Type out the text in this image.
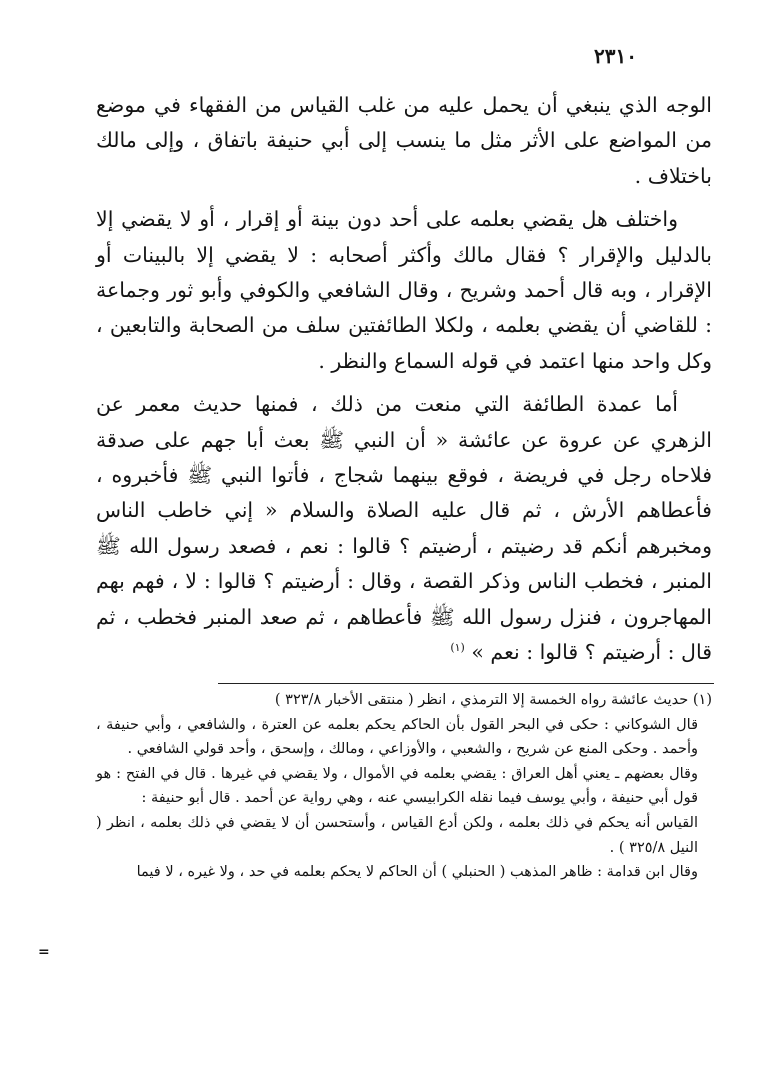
٢٣١٠

الوجه الذي ينبغي أن يحمل عليه من غلب القياس من الفقهاء في موضع من المواضع على الأثر مثل ما ينسب إلى أبي حنيفة باتفاق ، وإلى مالك باختلاف .

واختلف هل يقضي بعلمه على أحد دون بينة أو إقرار ، أو لا يقضي إلا بالدليل والإقرار ؟ فقال مالك وأكثر أصحابه : لا يقضي إلا بالبينات أو الإقرار ، وبه قال أحمد وشريح ، وقال الشافعي والكوفي وأبو ثور وجماعة : للقاضي أن يقضي بعلمه ، ولكلا الطائفتين سلف من الصحابة والتابعين ، وكل واحد منها اعتمد في قوله السماع والنظر .

أما عمدة الطائفة التي منعت من ذلك ، فمنها حديث معمر عن الزهري عن عروة عن عائشة « أن النبي ﷺ بعث أبا جهم على صدقة فلاحاه رجل في فريضة ، فوقع بينهما شجاج ، فأتوا النبي ﷺ فأخبروه ، فأعطاهم الأرش ، ثم قال عليه الصلاة والسلام « إني خاطب الناس ومخبرهم أنكم قد رضيتم ، أرضيتم ؟ قالوا : نعم ، فصعد رسول الله ﷺ المنبر ، فخطب الناس وذكر القصة ، وقال : أرضيتم ؟ قالوا : لا ، فهم بهم المهاجرون ، فنزل رسول الله ﷺ فأعطاهم ، ثم صعد المنبر فخطب ، ثم قال : أرضيتم ؟ قالوا : نعم » $^{(١)}$

(١) حديث عائشة رواه الخمسة إلا الترمذي ، انظر ( منتقى الأخبار ٣٢٣/٨ )

قال الشوكاني : حكى في البحر القول بأن الحاكم يحكم بعلمه عن العترة ، والشافعي ، وأبي حنيفة ، وأحمد . وحكى المنع عن شريح ، والشعبي ، والأوزاعي ، ومالك ، وإسحق ، وأحد قولي الشافعي .

وقال بعضهم ـ يعني أهل العراق : يقضي بعلمه في الأموال ، ولا يقضي في غيرها . قال في الفتح : هو قول أبي حنيفة ، وأبي يوسف فيما نقله الكرابيسي عنه ، وهي رواية عن أحمد . قال أبو حنيفة :

القياس أنه يحكم في ذلك بعلمه ، ولكن أدع القياس ، وأستحسن أن لا يقضي في ذلك بعلمه ، انظر ( النيل ٣٢٥/٨ ) .

وقال ابن قدامة : ظاهر المذهب ( الحنبلي ) أن الحاكم لا يحكم بعلمه في حد ، ولا غيره ، لا فيما

=
